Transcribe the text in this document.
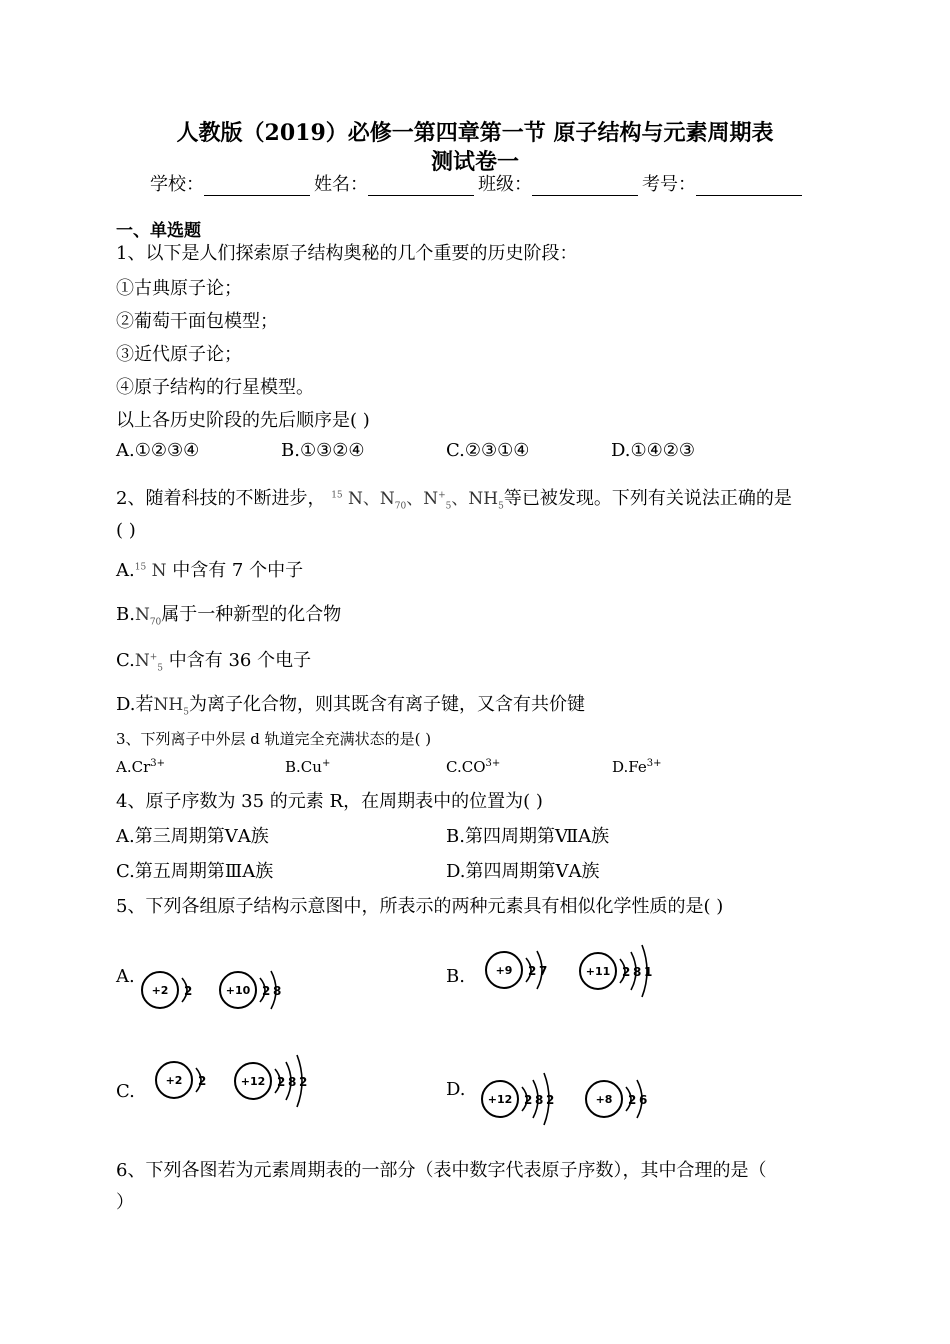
人教版（2019）必修一第四章第一节 原子结构与元素周期表
测试卷一
学校：	姓名：	班级：	考号：
一、单选题
1、以下是人们探索原子结构奥秘的几个重要的历史阶段：
①古典原子论；
②葡萄干面包模型；
③近代原子论；
④原子结构的行星模型。
以上各历史阶段的先后顺序是( )
A.①②③④	B.①③②④	C.②③①④	D.①④②③
2、随着科技的不断进步， $^{15}$ N、$N_{70}$、$N^+_5$、$NH_5$等已被发现。下列有关说法正确的是
( )
A.$^{15}$ N 中含有 7 个中子
$B.N_{70}$属于一种新型的化合物
$C.N^+_5$ 中含有 36 个电子
D.若$NH_5$为离子化合物，则其既含有离子键，又含有共价键
3、下列离子中外层 d 轨道完全充满状态的是( )
$A.Cr^{3+}$	B.Cu+	$C.CO^{3+}$	$D.Fe^{3+}$
4、原子序数为 35 的元素 R，在周期表中的位置为( )
A.第三周期第ⅤA族	B.第四周期第ⅦA族
C.第五周期第ⅢA族	D.第四周期第ⅤA族
5、下列各组原子结构示意图中，所表示的两种元素具有相似化学性质的是( )
A.	B.
C.	D.
+2 2	+10 2 8
+9 2 7	+11 2 8 1
+2 2	+12 2 8 2
+12 2 8 2	+8 2 6
6、下列各图若为元素周期表的一部分（表中数字代表原子序数），其中合理的是（
）
